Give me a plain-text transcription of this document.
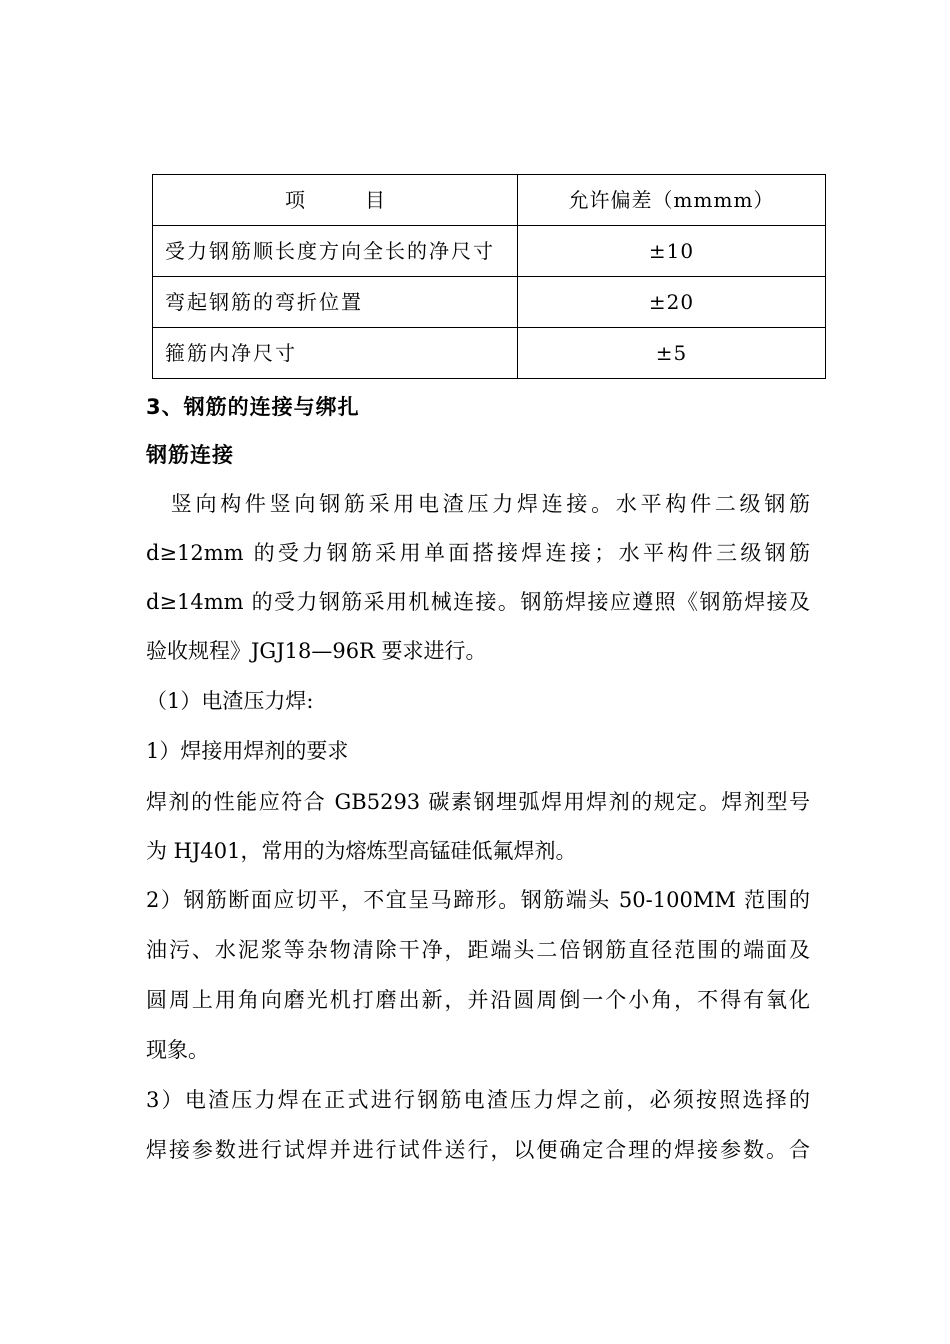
项 目	允许偏差（mmmm）
受力钢筋顺长度方向全长的净尺寸	±10
弯起钢筋的弯折位置	±20
箍筋内净尺寸	±5
3、钢筋的连接与绑扎
钢筋连接
　竖向构件竖向钢筋采用电渣压力焊连接。水平构件二级钢筋
d≥12mm 的受力钢筋采用单面搭接焊连接；水平构件三级钢筋
d≥14mm 的受力钢筋采用机械连接。钢筋焊接应遵照《钢筋焊接及
验收规程》JGJ18—96R 要求进行。
（1）电渣压力焊:
1）焊接用焊剂的要求
焊剂的性能应符合 GB5293 碳素钢埋弧焊用焊剂的规定。焊剂型号
为 HJ401，常用的为熔炼型高锰硅低氟焊剂。
2）钢筋断面应切平，不宜呈马蹄形。钢筋端头 50-100MM 范围的
油污、水泥浆等杂物清除干净，距端头二倍钢筋直径范围的端面及
圆周上用角向磨光机打磨出新，并沿圆周倒一个小角，不得有氧化
现象。
3）电渣压力焊在正式进行钢筋电渣压力焊之前，必须按照选择的
焊接参数进行试焊并进行试件送行，以便确定合理的焊接参数。合
